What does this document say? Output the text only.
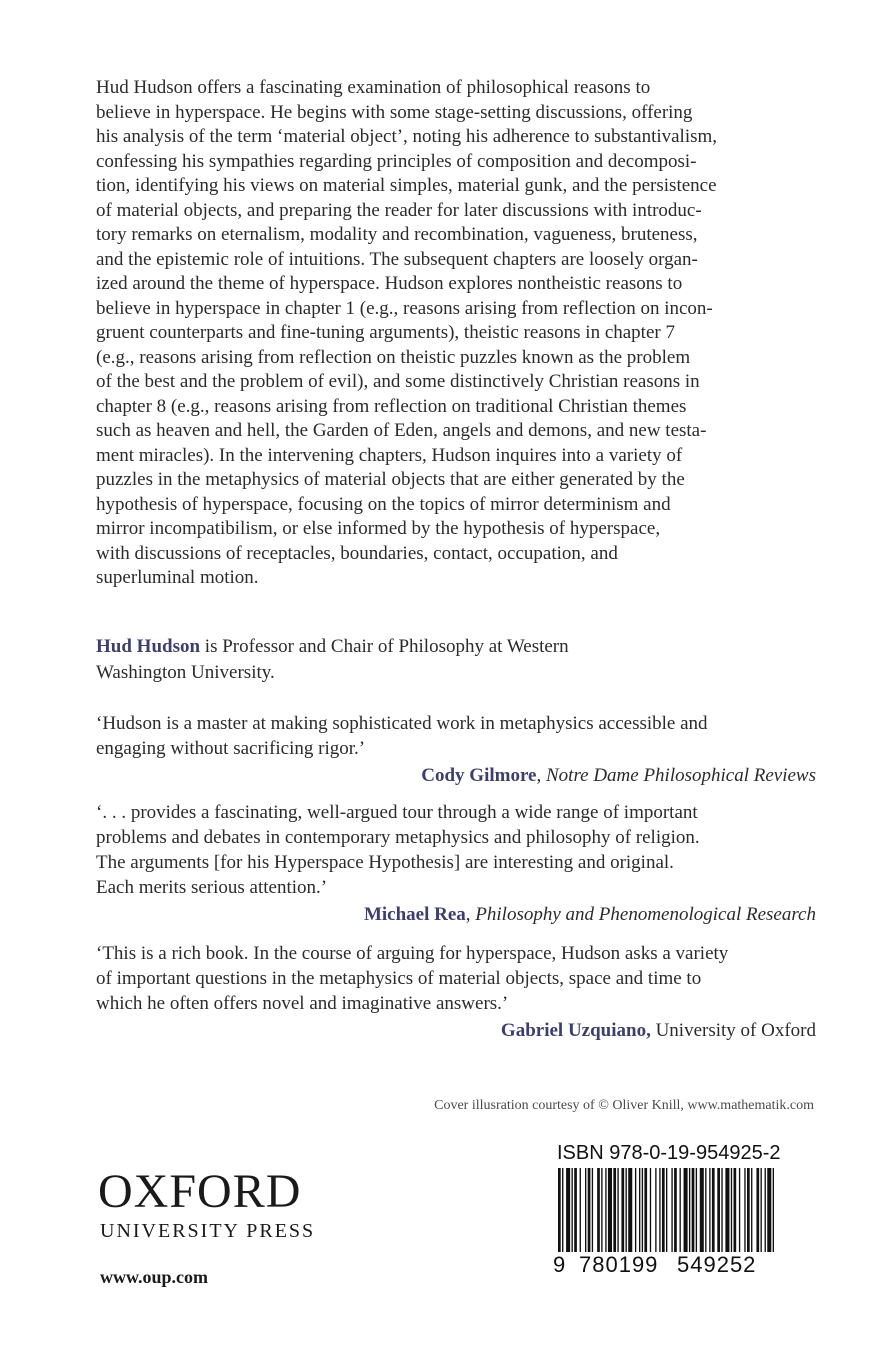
Hud Hudson offers a fascinating examination of philosophical reasons to
believe in hyperspace. He begins with some stage-setting discussions, offering
his analysis of the term ‘material object’, noting his adherence to substantivalism,
confessing his sympathies regarding principles of composition and decomposi-
tion, identifying his views on material simples, material gunk, and the persistence
of material objects, and preparing the reader for later discussions with introduc-
tory remarks on eternalism, modality and recombination, vagueness, bruteness,
and the epistemic role of intuitions. The subsequent chapters are loosely organ-
ized around the theme of hyperspace. Hudson explores nontheistic reasons to
believe in hyperspace in chapter 1 (e.g., reasons arising from reflection on incon-
gruent counterparts and fine-tuning arguments), theistic reasons in chapter 7
(e.g., reasons arising from reflection on theistic puzzles known as the problem
of the best and the problem of evil), and some distinctively Christian reasons in
chapter 8 (e.g., reasons arising from reflection on traditional Christian themes
such as heaven and hell, the Garden of Eden, angels and demons, and new testa-
ment miracles). In the intervening chapters, Hudson inquires into a variety of
puzzles in the metaphysics of material objects that are either generated by the
hypothesis of hyperspace, focusing on the topics of mirror determinism and
mirror incompatibilism, or else informed by the hypothesis of hyperspace,
with discussions of receptacles, boundaries, contact, occupation, and
superluminal motion.

Hud Hudson is Professor and Chair of Philosophy at Western
Washington University.

‘Hudson is a master at making sophisticated work in metaphysics accessible and
engaging without sacrificing rigor.’
Cody Gilmore, Notre Dame Philosophical Reviews
‘. . . provides a fascinating, well-argued tour through a wide range of important
problems and debates in contemporary metaphysics and philosophy of religion.
The arguments [for his Hyperspace Hypothesis] are interesting and original.
Each merits serious attention.’
Michael Rea, Philosophy and Phenomenological Research
‘This is a rich book. In the course of arguing for hyperspace, Hudson asks a variety
of important questions in the metaphysics of material objects, space and time to
which he often offers novel and imaginative answers.’
Gabriel Uzquiano, University of Oxford
Cover illusration courtesy of © Oliver Knill, www.mathematik.com
OXFORD
UNIVERSITY PRESS
www.oup.com
ISBN 978-0-19-954925-2
9 780199 549252
